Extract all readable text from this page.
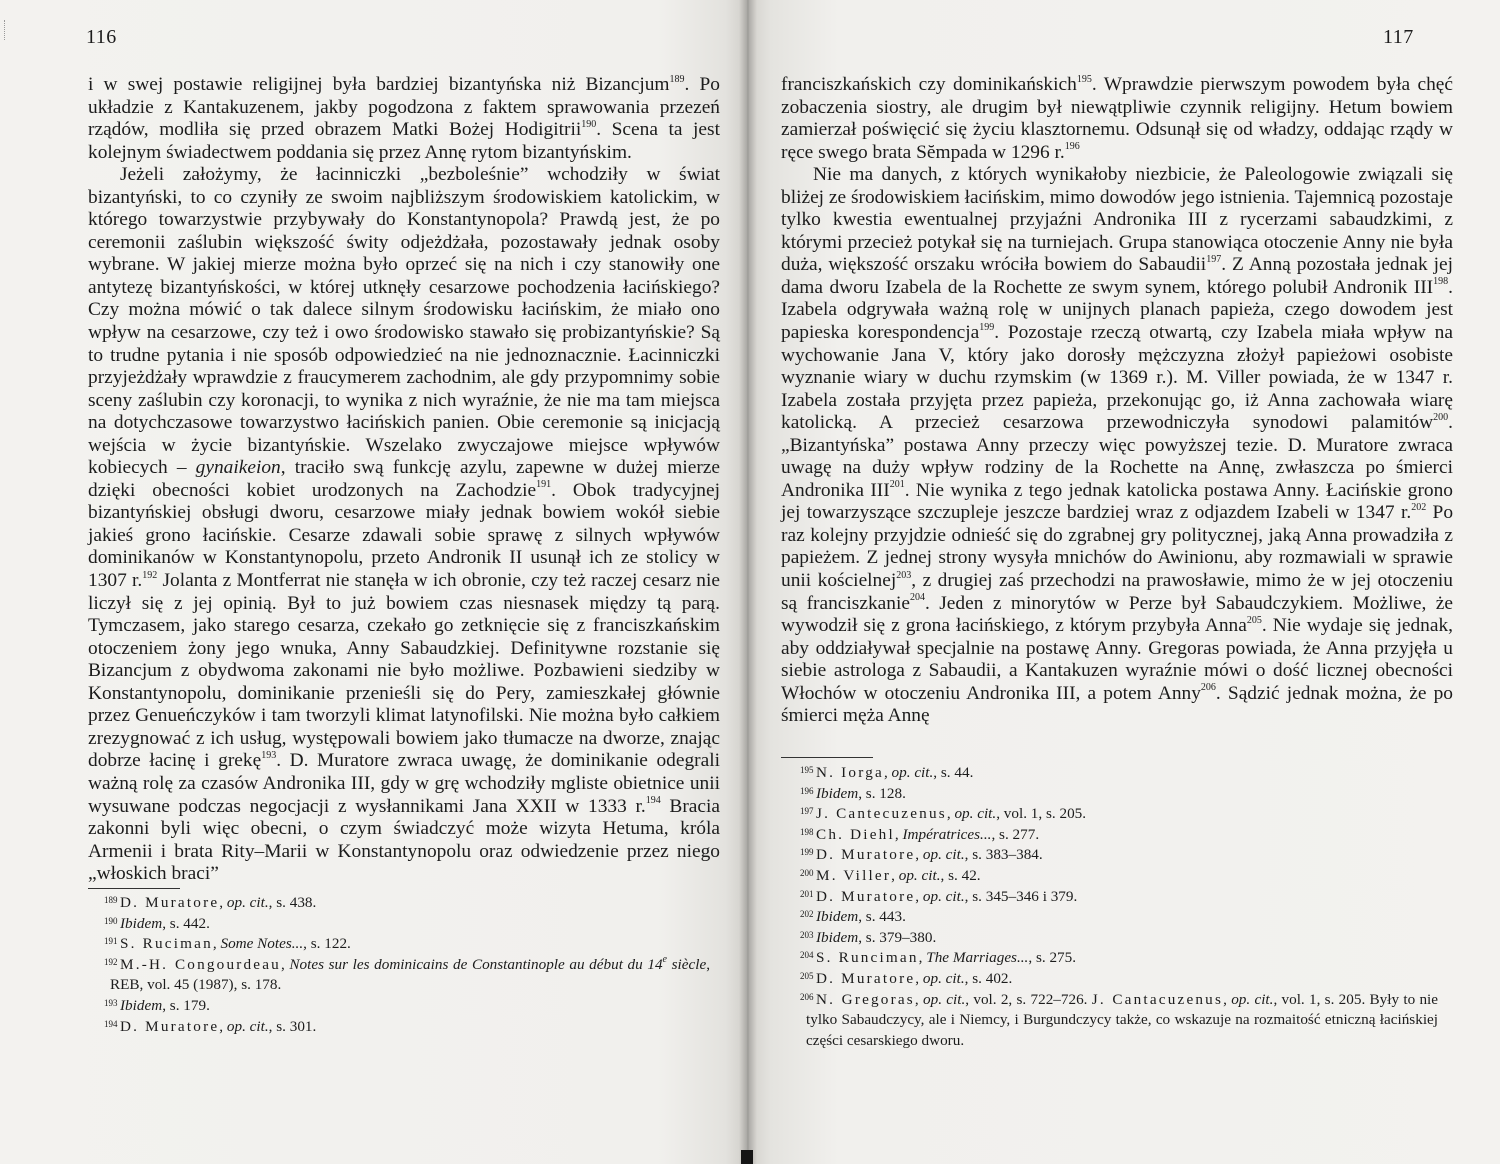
116

i w swej postawie religijnej była bardziej bizantyńska niż Bizancjum$^{189}$. Po układzie z Kantakuzenem, jakby pogodzona z faktem sprawowania przezeń rządów, modliła się przed obrazem Matki Bożej Hodigitrii$^{190}$. Scena ta jest kolejnym świadectwem poddania się przez Annę rytom bizantyńskim.

Jeżeli założymy, że łacinniczki „bezboleśnie” wchodziły w świat bizantyński, to co czyniły ze swoim najbliższym środowiskiem katolickim, w którego towarzystwie przybywały do Konstantynopola? Prawdą jest, że po ceremonii zaślubin większość świty odjeżdżała, pozostawały jednak osoby wybrane. W jakiej mierze można było oprzeć się na nich i czy stanowiły one antytezę bizantyńskości, w której utknęły cesarzowe pochodzenia łacińskiego? Czy można mówić o tak dalece silnym środowisku łacińskim, że miało ono wpływ na cesarzowe, czy też i owo środowisko stawało się probizantyńskie? Są to trudne pytania i nie sposób odpowiedzieć na nie jednoznacznie. Łacinniczki przyjeżdżały wprawdzie z fraucymerem zachodnim, ale gdy przypomnimy sobie sceny zaślubin czy koronacji, to wynika z nich wyraźnie, że nie ma tam miejsca na dotychczasowe towarzystwo łacińskich panien. Obie ceremonie są inicjacją wejścia w życie bizantyńskie. Wszelako zwyczajowe miejsce wpływów kobiecych – gynaikeion, traciło swą funkcję azylu, zapewne w dużej mierze dzięki obecności kobiet urodzonych na Zachodzie$^{191}$. Obok tradycyjnej bizantyńskiej obsługi dworu, cesarzowe miały jednak bowiem wokół siebie jakieś grono łacińskie. Cesarze zdawali sobie sprawę z silnych wpływów dominikanów w Konstantynopolu, przeto Andronik II usunął ich ze stolicy w 1307 r.$^{192}$ Jolanta z Montferrat nie stanęła w ich obronie, czy też raczej cesarz nie liczył się z jej opinią. Był to już bowiem czas niesnasek między tą parą. Tymczasem, jako starego cesarza, czekało go zetknięcie się z franciszkańskim otoczeniem żony jego wnuka, Anny Sabaudzkiej. Definitywne rozstanie się Bizancjum z obydwoma zakonami nie było możliwe. Pozbawieni siedziby w Konstantynopolu, dominikanie przenieśli się do Pery, zamieszkałej głównie przez Genueńczyków i tam tworzyli klimat latynofilski. Nie można było całkiem zrezygnować z ich usług, występowali bowiem jako tłumacze na dworze, znając dobrze łacinę i grekę$^{193}$. D. Muratore zwraca uwagę, że dominikanie odegrali ważną rolę za czasów Andronika III, gdy w grę wchodziły mgliste obietnice unii wysuwane podczas negocjacji z wysłannikami Jana XXII w 1333 r.$^{194}$ Bracia zakonni byli więc obecni, o czym świadczyć może wizyta Hetuma, króla Armenii i brata Rity–Marii w Konstantynopolu oraz odwiedzenie przez niego „włoskich braci”

189 D. Muratore, op. cit., s. 438.
190 Ibidem, s. 442.
191 S. Ruciman, Some Notes..., s. 122.
192 M.-H. Congourdeau, Notes sur les dominicains de Constantinople au début du 14e siècle, REB, vol. 45 (1987), s. 178.
193 Ibidem, s. 179.
194 D. Muratore, op. cit., s. 301.
117

franciszkańskich czy dominikańskich$^{195}$. Wprawdzie pierwszym powodem była chęć zobaczenia siostry, ale drugim był niewątpliwie czynnik religijny. Hetum bowiem zamierzał poświęcić się życiu klasztornemu. Odsunął się od władzy, oddając rządy w ręce swego brata Sĕmpada w 1296 r.$^{196}$

Nie ma danych, z których wynikałoby niezbicie, że Paleologowie związali się bliżej ze środowiskiem łacińskim, mimo dowodów jego istnienia. Tajemnicą pozostaje tylko kwestia ewentualnej przyjaźni Andronika III z rycerzami sabaudzkimi, z którymi przecież potykał się na turniejach. Grupa stanowiąca otoczenie Anny nie była duża, większość orszaku wróciła bowiem do Sabaudii$^{197}$. Z Anną pozostała jednak jej dama dworu Izabela de la Rochette ze swym synem, którego polubił Andronik III$^{198}$. Izabela odgrywała ważną rolę w unijnych planach papieża, czego dowodem jest papieska korespondencja$^{199}$. Pozostaje rzeczą otwartą, czy Izabela miała wpływ na wychowanie Jana V, który jako dorosły mężczyzna złożył papieżowi osobiste wyznanie wiary w duchu rzymskim (w 1369 r.). M. Viller powiada, że w 1347 r. Izabela została przyjęta przez papieża, przekonując go, iż Anna zachowała wiarę katolicką. A przecież cesarzowa przewodniczyła synodowi palamitów$^{200}$. „Bizantyńska” postawa Anny przeczy więc powyższej tezie. D. Muratore zwraca uwagę na duży wpływ rodziny de la Rochette na Annę, zwłaszcza po śmierci Andronika III$^{201}$. Nie wynika z tego jednak katolicka postawa Anny. Łacińskie grono jej towarzyszące szczupleje jeszcze bardziej wraz z odjazdem Izabeli w 1347 r.$^{202}$ Po raz kolejny przyjdzie odnieść się do zgrabnej gry politycznej, jaką Anna prowadziła z papieżem. Z jednej strony wysyła mnichów do Awinionu, aby rozmawiali w sprawie unii kościelnej$^{203}$, z drugiej zaś przechodzi na prawosławie, mimo że w jej otoczeniu są franciszkanie$^{204}$. Jeden z minorytów w Perze był Sabaudczykiem. Możliwe, że wywodził się z grona łacińskiego, z którym przybyła Anna$^{205}$. Nie wydaje się jednak, aby oddziaływał specjalnie na postawę Anny. Gregoras powiada, że Anna przyjęła u siebie astrologa z Sabaudii, a Kantakuzen wyraźnie mówi o dość licznej obecności Włochów w otoczeniu Andronika III, a potem Anny$^{206}$. Sądzić jednak można, że po śmierci męża Annę

195 N. Iorga, op. cit., s. 44.
196 Ibidem, s. 128.
197 J. Cantecuzenus, op. cit., vol. 1, s. 205.
198 Ch. Diehl, Impératrices..., s. 277.
199 D. Muratore, op. cit., s. 383–384.
200 M. Viller, op. cit., s. 42.
201 D. Muratore, op. cit., s. 345–346 i 379.
202 Ibidem, s. 443.
203 Ibidem, s. 379–380.
204 S. Runciman, The Marriages..., s. 275.
205 D. Muratore, op. cit., s. 402.
206 N. Gregoras, op. cit., vol. 2, s. 722–726. J. Cantacuzenus, op. cit., vol. 1, s. 205. Były to nie tylko Sabaudczycy, ale i Niemcy, i Burgundczycy także, co wskazuje na rozmaitość etniczną łacińskiej części cesarskiego dworu.
